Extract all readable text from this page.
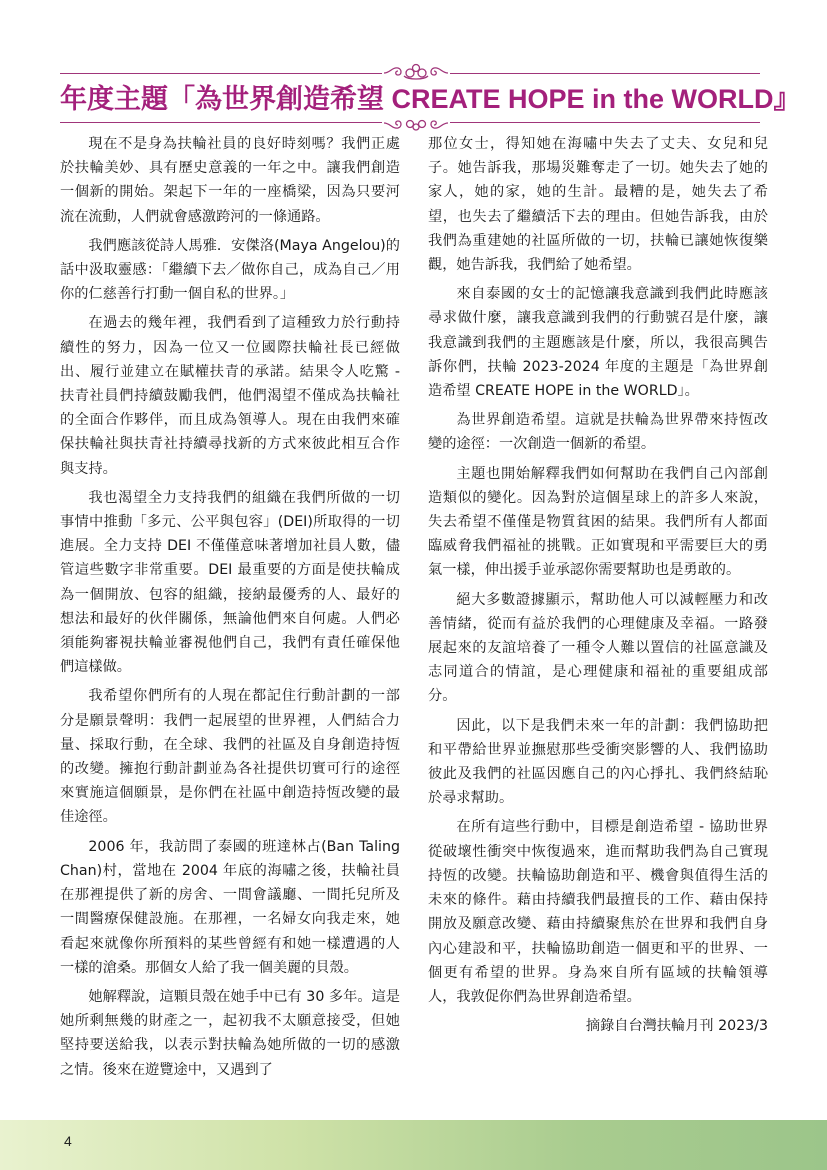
年度主題「為世界創造希望 CREATE HOPE in the WORLD』

現在不是身為扶輪社員的良好時刻嗎？我們正處於扶輪美妙、具有歷史意義的一年之中。讓我們創造一個新的開始。架起下一年的一座橋梁，因為只要河流在流動，人們就會感激跨河的一條通路。

我們應該從詩人馬雅．安傑洛(Maya Angelou)的話中汲取靈感：「繼續下去／做你自己，成為自己／用你的仁慈善行打動一個自私的世界。」

在過去的幾年裡，我們看到了這種致力於行動持續性的努力，因為一位又一位國際扶輪社長已經做出、履行並建立在賦權扶青的承諾。結果令人吃驚 - 扶青社員們持續鼓勵我們，他們渴望不僅成為扶輪社的全面合作夥伴，而且成為領導人。現在由我們來確保扶輪社與扶青社持續尋找新的方式來彼此相互合作與支持。

我也渴望全力支持我們的組織在我們所做的一切事情中推動「多元、公平與包容」(DEI)所取得的一切進展。全力支持 DEI 不僅僅意味著增加社員人數，儘管這些數字非常重要。DEI 最重要的方面是使扶輪成為一個開放、包容的組織，接納最優秀的人、最好的想法和最好的伙伴關係，無論他們來自何處。人們必須能夠審視扶輪並審視他們自己，我們有責任確保他們這樣做。

我希望你們所有的人現在都記住行動計劃的一部分是願景聲明：我們一起展望的世界裡，人們結合力量、採取行動，在全球、我們的社區及自身創造持恆的改變。擁抱行動計劃並為各社提供切實可行的途徑來實施這個願景，是你們在社區中創造持恆改變的最佳途徑。

2006 年，我訪問了泰國的班達林占(Ban Taling Chan)村，當地在 2004 年底的海嘯之後，扶輪社員在那裡提供了新的房舍、一間會議廳、一間托兒所及一間醫療保健設施。在那裡，一名婦女向我走來，她看起來就像你所預料的某些曾經有和她一樣遭遇的人一樣的滄桑。那個女人給了我一個美麗的貝殼。

她解釋說，這顆貝殼在她手中已有 30 多年。這是她所剩無幾的財產之一，起初我不太願意接受，但她堅持要送給我，以表示對扶輪為她所做的一切的感激之情。後來在遊覽途中，又遇到了

那位女士，得知她在海嘯中失去了丈夫、女兒和兒子。她告訴我，那場災難奪走了一切。她失去了她的家人，她的家，她的生計。最糟的是，她失去了希望，也失去了繼續活下去的理由。但她告訴我，由於我們為重建她的社區所做的一切，扶輪已讓她恢復樂觀，她告訴我，我們給了她希望。

來自泰國的女士的記憶讓我意識到我們此時應該尋求做什麼，讓我意識到我們的行動號召是什麼，讓我意識到我們的主題應該是什麼，所以，我很高興告訴你們，扶輪 2023-2024 年度的主題是「為世界創造希望 CREATE HOPE in the WORLD」。

為世界創造希望。這就是扶輪為世界帶來持恆改變的途徑：一次創造一個新的希望。

主題也開始解釋我們如何幫助在我們自己內部創造類似的變化。因為對於這個星球上的許多人來說，失去希望不僅僅是物質貧困的結果。我們所有人都面臨威脅我們福祉的挑戰。正如實現和平需要巨大的勇氣一樣，伸出援手並承認你需要幫助也是勇敢的。

絕大多數證據顯示，幫助他人可以減輕壓力和改善情緒，從而有益於我們的心理健康及幸福。一路發展起來的友誼培養了一種令人難以置信的社區意識及志同道合的情誼，是心理健康和福祉的重要組成部分。

因此，以下是我們未來一年的計劃：我們協助把和平帶給世界並撫慰那些受衝突影響的人、我們協助彼此及我們的社區因應自己的內心掙扎、我們終結恥於尋求幫助。

在所有這些行動中，目標是創造希望 - 協助世界從破壞性衝突中恢復過來，進而幫助我們為自己實現持恆的改變。扶輪協助創造和平、機會與值得生活的未來的條件。藉由持續我們最擅長的工作、藉由保持開放及願意改變、藉由持續聚焦於在世界和我們自身內心建設和平，扶輪協助創造一個更和平的世界、一個更有希望的世界。身為來自所有區域的扶輪領導人，我敦促你們為世界創造希望。

摘錄自台灣扶輪月刊 2023/3

4
